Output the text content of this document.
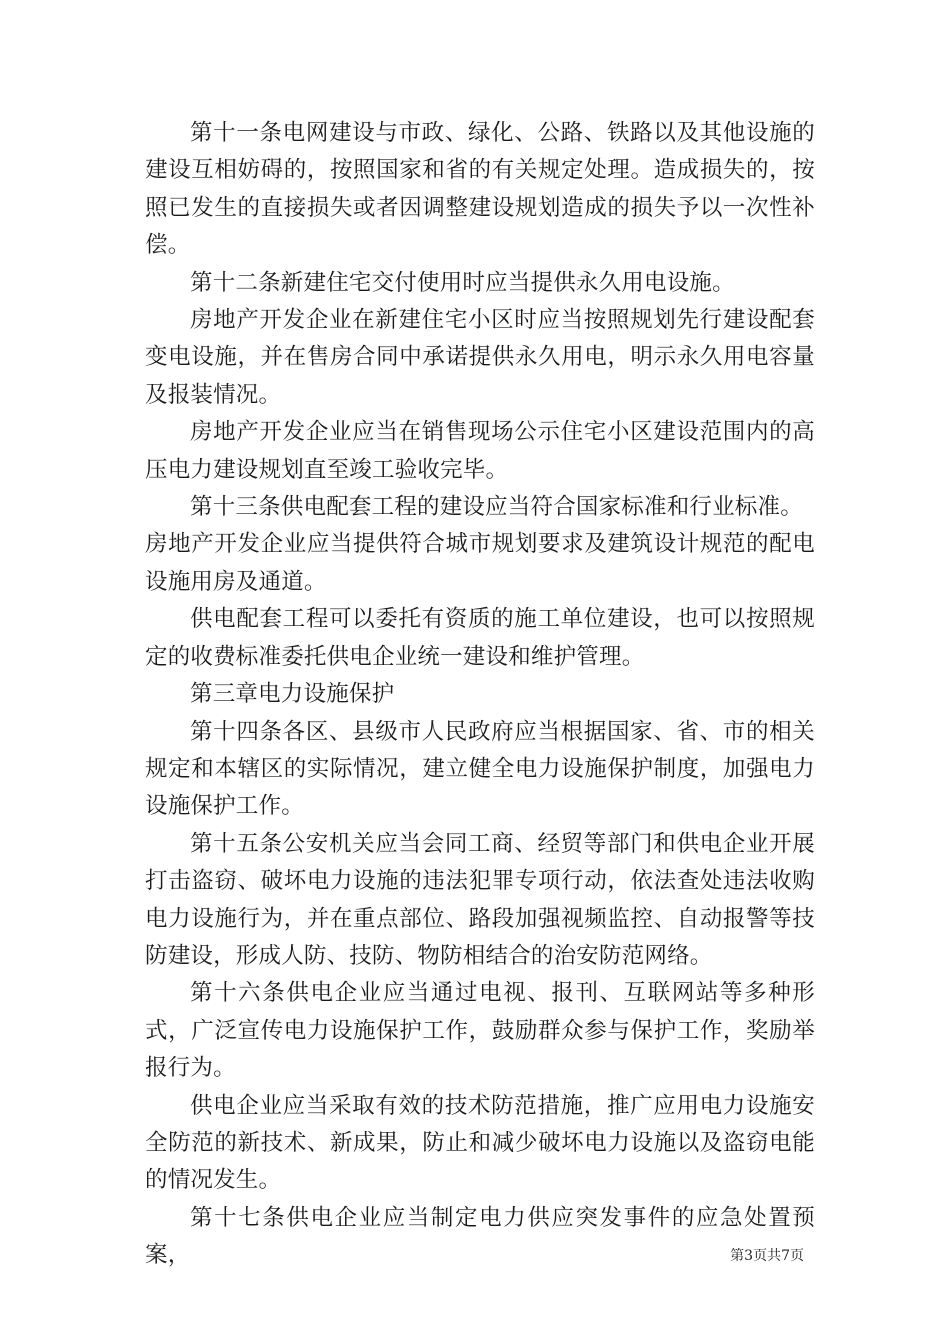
第十一条电网建设与市政、绿化、公路、铁路以及其他设施的建设互相妨碍的，按照国家和省的有关规定处理。造成损失的，按照已发生的直接损失或者因调整建设规划造成的损失予以一次性补偿。

第十二条新建住宅交付使用时应当提供永久用电设施。

房地产开发企业在新建住宅小区时应当按照规划先行建设配套变电设施，并在售房合同中承诺提供永久用电，明示永久用电容量及报装情况。

房地产开发企业应当在销售现场公示住宅小区建设范围内的高压电力建设规划直至竣工验收完毕。

第十三条供电配套工程的建设应当符合国家标准和行业标准。

房地产开发企业应当提供符合城市规划要求及建筑设计规范的配电设施用房及通道。

供电配套工程可以委托有资质的施工单位建设，也可以按照规定的收费标准委托供电企业统一建设和维护管理。

第三章电力设施保护

第十四条各区、县级市人民政府应当根据国家、省、市的相关规定和本辖区的实际情况，建立健全电力设施保护制度，加强电力设施保护工作。

第十五条公安机关应当会同工商、经贸等部门和供电企业开展打击盗窃、破坏电力设施的违法犯罪专项行动，依法查处违法收购电力设施行为，并在重点部位、路段加强视频监控、自动报警等技防建设，形成人防、技防、物防相结合的治安防范网络。

第十六条供电企业应当通过电视、报刊、互联网站等多种形式，广泛宣传电力设施保护工作，鼓励群众参与保护工作，奖励举报行为。

供电企业应当采取有效的技术防范措施，推广应用电力设施安全防范的新技术、新成果，防止和减少破坏电力设施以及盗窃电能的情况发生。

第十七条供电企业应当制定电力供应突发事件的应急处置预案，	第3页共7页
